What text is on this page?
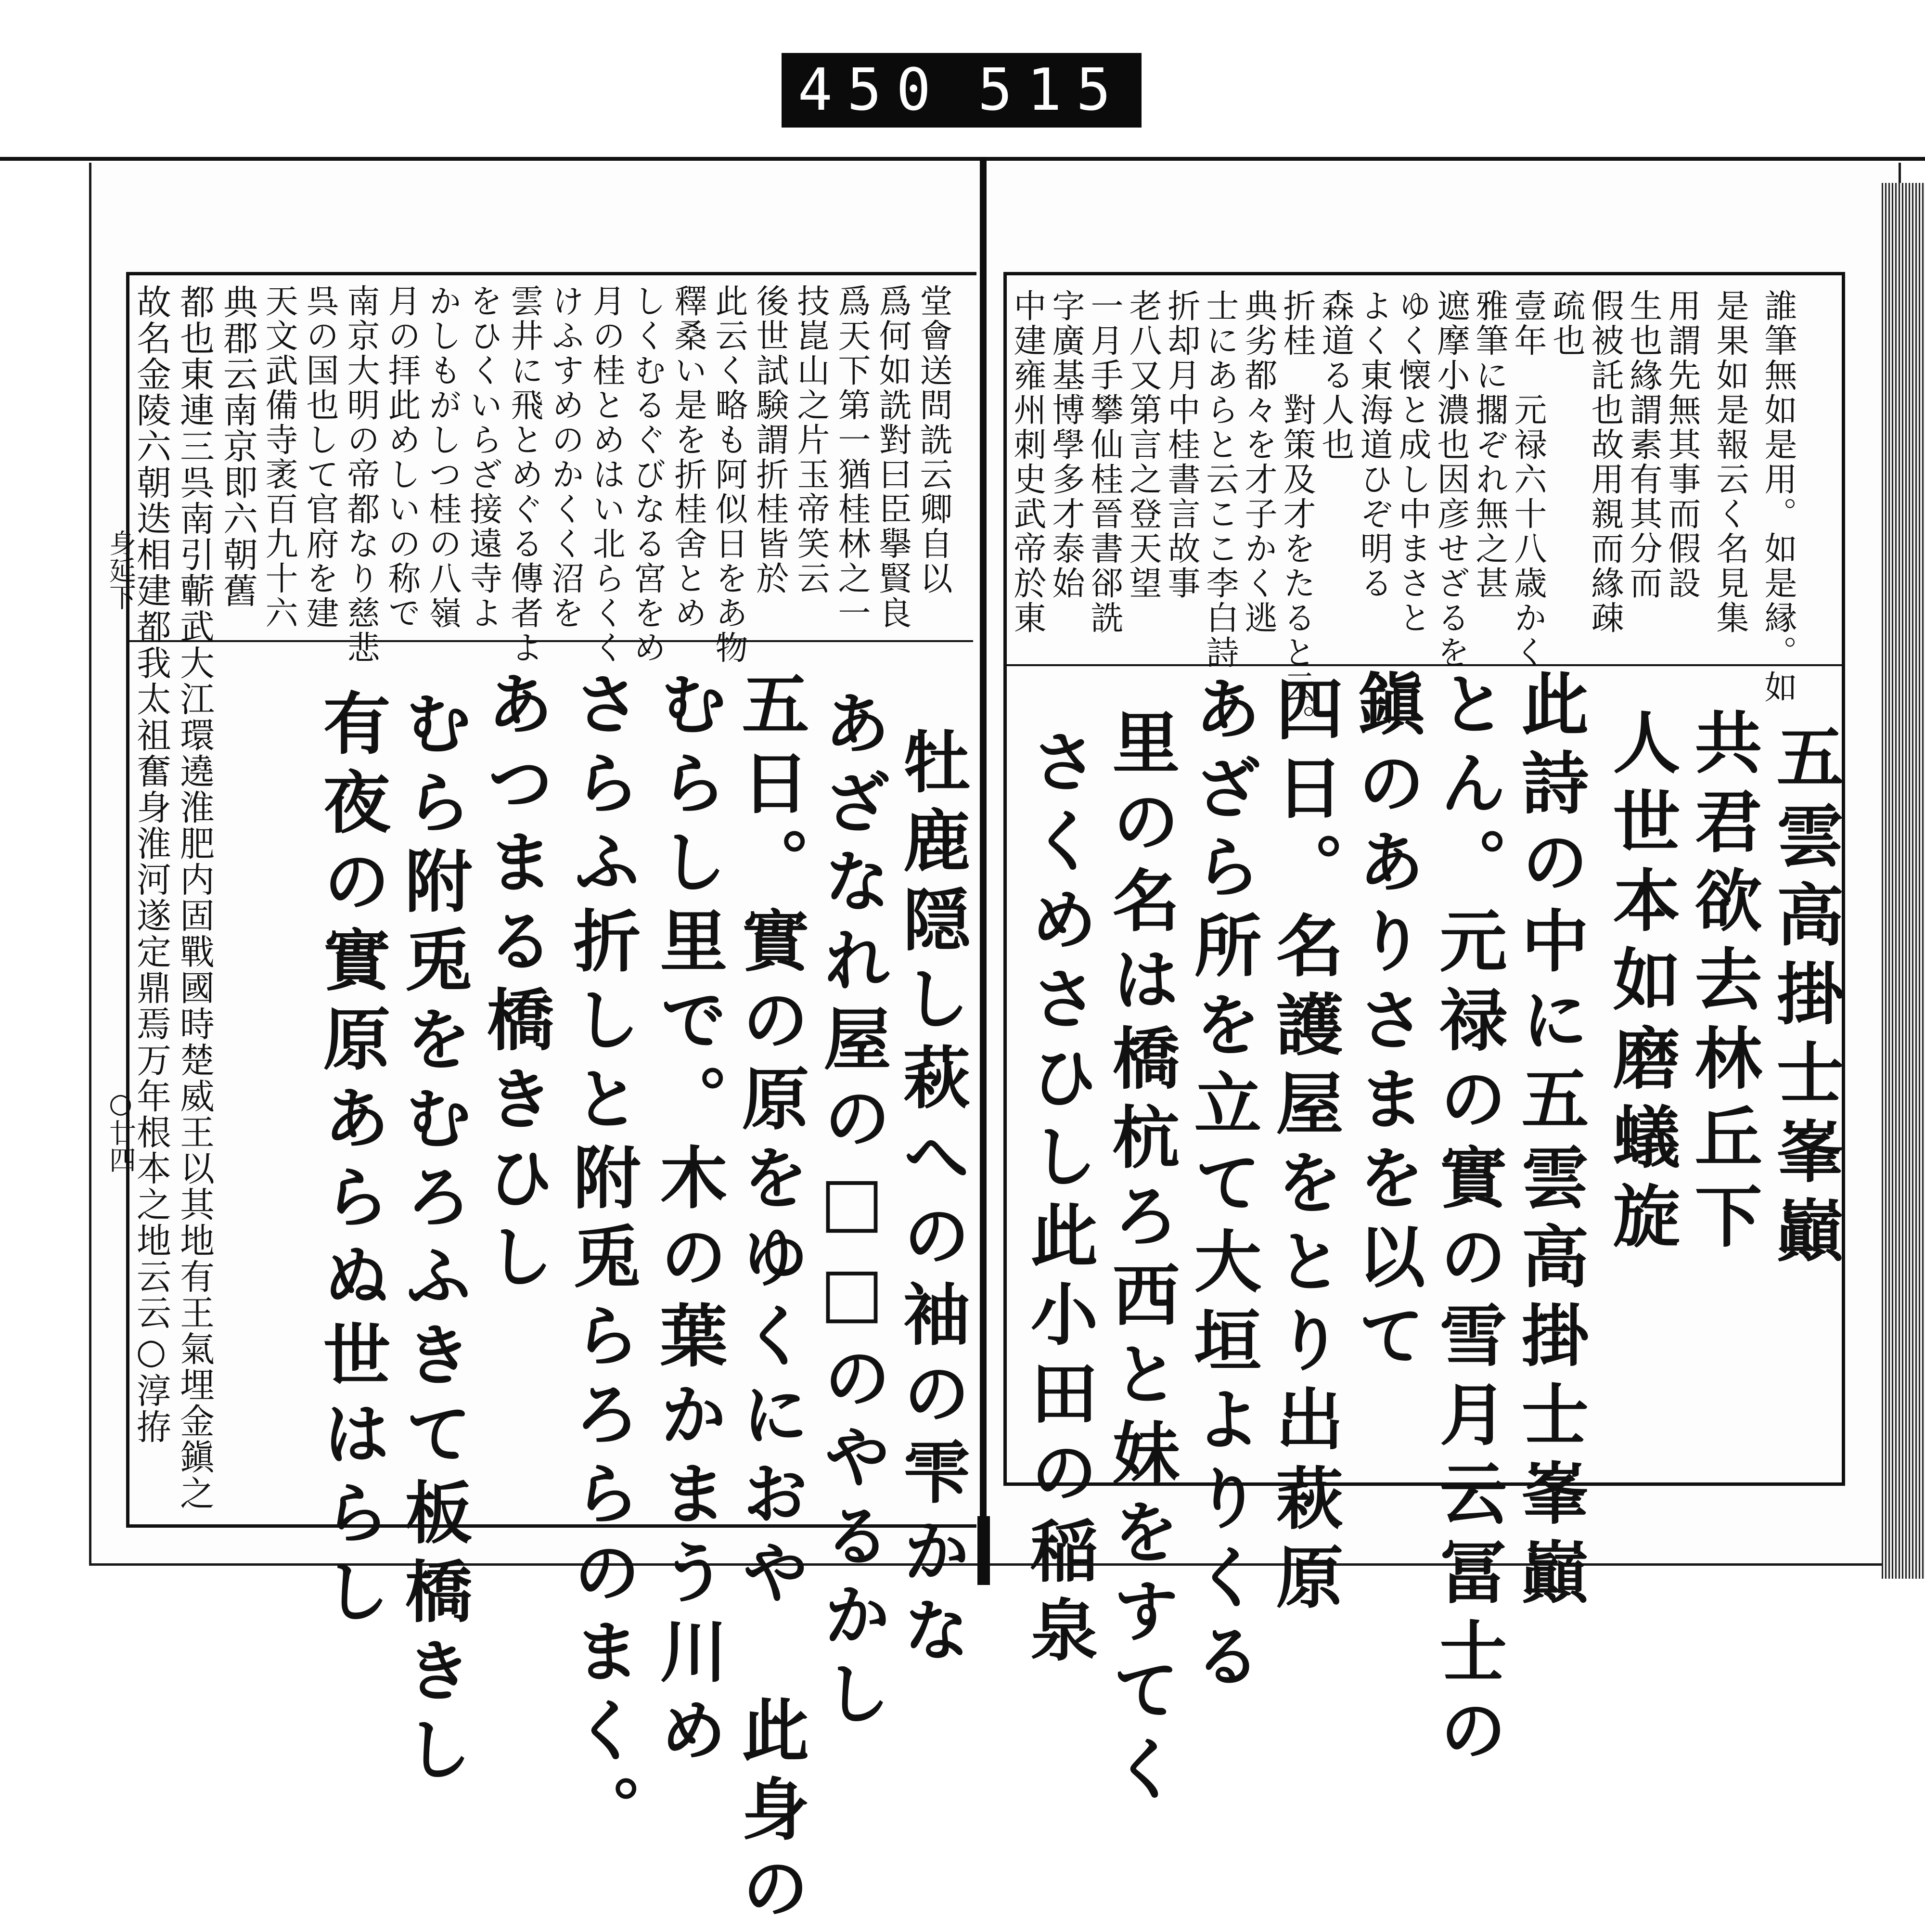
450 515
身延下
○廿四
故名金陵六朝迭相建都我太祖奮身淮河遂定鼎焉万年根本之地云云○淳拵 都也東連三呉南引蘄武大江環遶淮肥内固戰國時楚威王以其地有王氣埋金鎭之 典郡云南京即六朝舊 天文武備寺袤百九十六 呉の国也して官府を建 南京大明の帝都なり慈悲 月の拝此めしいの称で かしもがしつ桂の八嶺 をひくいらざ接遠寺よ 雲井に飛とめぐる傳者よ けふすめのかくく沼を 月の桂とめはい北らくく しくむるぐびなる宮をめ 釋桑い是を折桂舍とめ 此云く略も阿似日をあ物 後世試験謂折桂皆於 技崑山之片玉帝笑云 爲天下第一猶桂林之一 爲何如詵對曰臣擧賢良 堂會送問詵云卿自以
有夜の實原あらぬ世はらし むら附兎をむろふきて板橋きし あつまる橋きひし さらふ折しと附兎らろらのまく。 むらし里で。木の葉かまう川め 五日。實の原をゆくにおや　此身の あざなれ屋の□□のやるかし 牡鹿隠し萩への袖の雫かな
中建雍州刺史武帝於東 字廣基博學多才泰始 一月手攀仙桂晉書郤詵 老八又第言之登天望 折却月中桂書言故事 士にあらと云ここ李白詩 典劣都々を才子かく逃 折桂　對策及才をたると云。 森道る人也 よく東海道ひぞ明る ゆく懐と成し中まさと 遮摩小濃也因彦せざるを 雅筆に擱ぞれ無之甚 壹年　元禄六十八歳かく 疏也 假被託也故用親而緣疎 生也緣謂素有其分而 用謂先無其事而假設 是果如是報云く名見集 誰筆無如是用。如是縁。如
さくめさひし此小田の稲泉 里の名は橋杭ろ西と妹をすてく あざら所を立て大垣よりくる 四日。名護屋をとり出萩原 鎭のありさまを以て とん。元禄の實の雪月云冨士の 此詩の中に五雲高掛士峯巓 人世本如磨蟻旋 共君欲去林丘下 五雲高掛士峯巓
